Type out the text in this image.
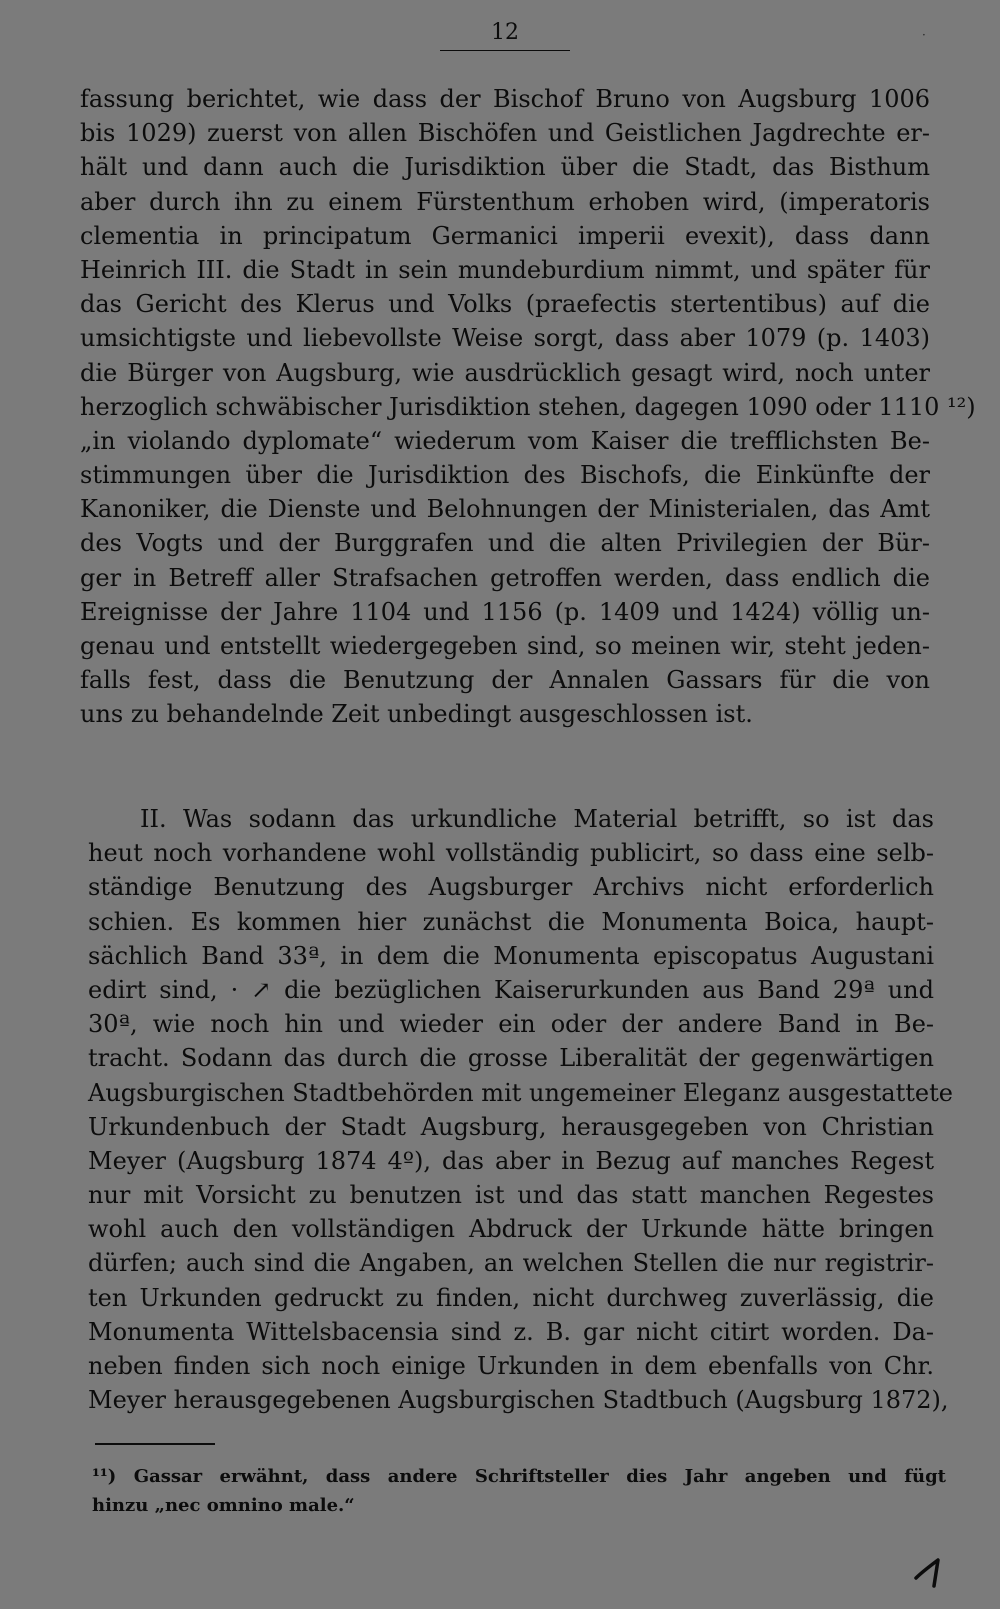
12	·
fassung berichtet, wie dass der Bischof Bruno von Augsburg 1006
bis 1029) zuerst von allen Bischöfen und Geistlichen Jagdrechte er-
hält und dann auch die Jurisdiktion über die Stadt, das Bisthum
aber durch ihn zu einem Fürstenthum erhoben wird, (imperatoris
clementia in principatum Germanici imperii evexit), dass dann
Heinrich III. die Stadt in sein mundeburdium nimmt, und später für
das Gericht des Klerus und Volks (praefectis stertentibus) auf die
umsichtigste und liebevollste Weise sorgt, dass aber 1079 (p. 1403)
die Bürger von Augsburg, wie ausdrücklich gesagt wird, noch unter
herzoglich schwäbischer Jurisdiktion stehen, dagegen 1090 oder 1110 ¹²)
„in violando dyplomate“ wiederum vom Kaiser die trefflichsten Be-
stimmungen über die Jurisdiktion des Bischofs, die Einkünfte der
Kanoniker, die Dienste und Belohnungen der Ministerialen, das Amt
des Vogts und der Burggrafen und die alten Privilegien der Bür-
ger in Betreff aller Strafsachen getroffen werden, dass endlich die
Ereignisse der Jahre 1104 und 1156 (p. 1409 und 1424) völlig un-
genau und entstellt wiedergegeben sind, so meinen wir, steht jeden-
falls fest, dass die Benutzung der Annalen Gassars für die von
uns zu behandelnde Zeit unbedingt ausgeschlossen ist.
II. Was sodann das urkundliche Material betrifft, so ist das
heut noch vorhandene wohl vollständig publicirt, so dass eine selb-
ständige Benutzung des Augsburger Archivs nicht erforderlich
schien. Es kommen hier zunächst die Monumenta Boica, haupt-
sächlich Band 33ª, in dem die Monumenta episcopatus Augustani
edirt sind, · ↗ die bezüglichen Kaiserurkunden aus Band 29ª und
30ª, wie noch hin und wieder ein oder der andere Band in Be-
tracht. Sodann das durch die grosse Liberalität der gegenwärtigen
Augsburgischen Stadtbehörden mit ungemeiner Eleganz ausgestattete
Urkundenbuch der Stadt Augsburg, herausgegeben von Christian
Meyer (Augsburg 1874 4º), das aber in Bezug auf manches Regest
nur mit Vorsicht zu benutzen ist und das statt manchen Regestes
wohl auch den vollständigen Abdruck der Urkunde hätte bringen
dürfen; auch sind die Angaben, an welchen Stellen die nur registrir-
ten Urkunden gedruckt zu finden, nicht durchweg zuverlässig, die
Monumenta Wittelsbacensia sind z. B. gar nicht citirt worden. Da-
neben finden sich noch einige Urkunden in dem ebenfalls von Chr.
Meyer herausgegebenen Augsburgischen Stadtbuch (Augsburg 1872),
¹¹) Gassar erwähnt, dass andere Schriftsteller dies Jahr angeben und fügt
hinzu „nec omnino male.“
